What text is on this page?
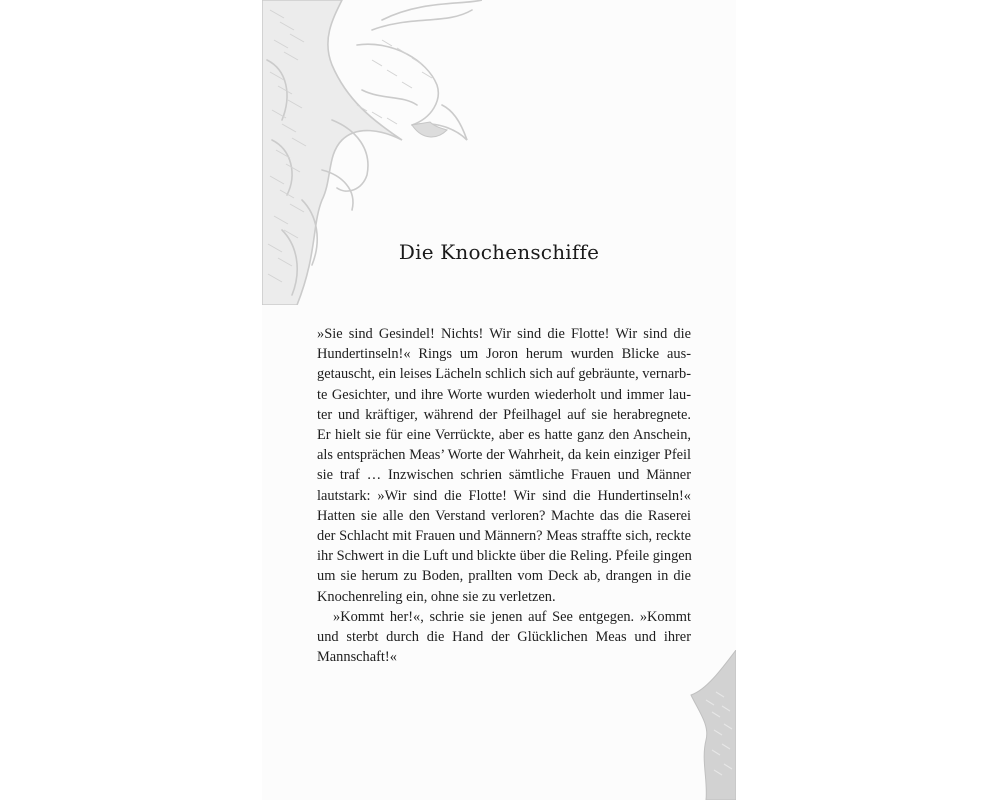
Die Knochenschiffe

»Sie sind Gesindel! Nichts! Wir sind die Flotte! Wir sind die
Hundertinseln!« Rings um Joron herum wurden Blicke aus-
getauscht, ein leises Lächeln schlich sich auf gebräunte, vernarb-
te Gesichter, und ihre Worte wurden wiederholt und immer lau-
ter und kräftiger, während der Pfeilhagel auf sie herabregnete.
Er hielt sie für eine Verrückte, aber es hatte ganz den Anschein,
als entsprächen Meas’ Worte der Wahrheit, da kein einziger Pfeil
sie traf … Inzwischen schrien sämtliche Frauen und Männer
lautstark: »Wir sind die Flotte! Wir sind die Hundertinseln!«
Hatten sie alle den Verstand verloren? Machte das die Raserei
der Schlacht mit Frauen und Männern? Meas straffte sich, reckte
ihr Schwert in die Luft und blickte über die Reling. Pfeile gingen
um sie herum zu Boden, prallten vom Deck ab, drangen in die
Knochenreling ein, ohne sie zu verletzen.

»Kommt her!«, schrie sie jenen auf See entgegen. »Kommt
und sterbt durch die Hand der Glücklichen Meas und ihrer
Mannschaft!«
